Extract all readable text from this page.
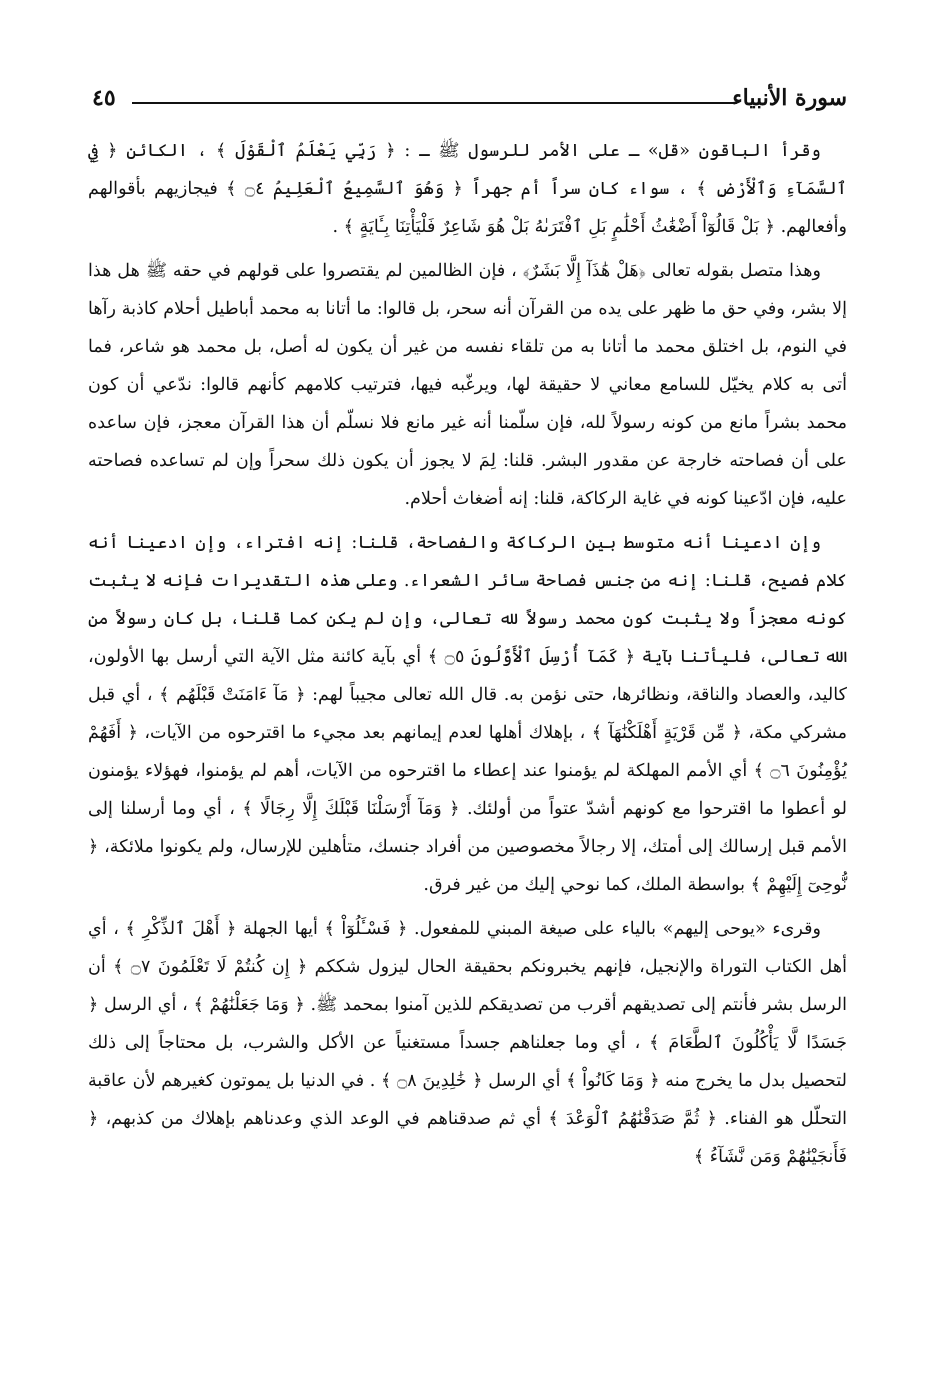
سورة الأنبياء
٤٥

وقرأ الباقون «قل» ـ على الأمر للرسول ﷺ ـ : ﴿ رَبِّي يَعْلَمُ ٱلْقَوْلَ ﴾ ، الكائن ﴿ فِي ٱلسَّمَآءِ وَٱلْأَرْضِ ﴾ ، سواء كان سراً أم جهراً ﴿ وَهُوَ ٱلسَّمِيعُ ٱلْعَلِيمُ ۝٤ ﴾ فيجازيهم بأقوالهم وأفعالهم. ﴿ بَلْ قَالُوٓاْ أَضْغَٰثُ أَحْلَٰمٍ بَلِ ٱفْتَرَىٰهُ بَلْ هُوَ شَاعِرٌ فَلْيَأْتِنَا بِـَٔايَةٍ ﴾ .

وهذا متصل بقوله تعالى ﴿هَلْ هَٰذَآ إِلَّا بَشَرٌ﴾ ، فإن الظالمين لم يقتصروا على قولهم في حقه ﷺ هل هذا إلا بشر، وفي حق ما ظهر على يده من القرآن أنه سحر، بل قالوا: ما أتانا به محمد أباطيل أحلام كاذبة رآها في النوم، بل اختلق محمد ما أتانا به من تلقاء نفسه من غير أن يكون له أصل، بل محمد هو شاعر، فما أتى به كلام يخيّل للسامع معاني لا حقيقة لها، ويرغّبه فيها، فترتيب كلامهم كأنهم قالوا: ندّعي أن كون محمد بشراً مانع من كونه رسولاً لله، فإن سلّمنا أنه غير مانع فلا نسلّم أن هذا القرآن معجز، فإن ساعده على أن فصاحته خارجة عن مقدور البشر. قلنا: لِمَ لا يجوز أن يكون ذلك سحراً وإن لم تساعده فصاحته عليه، فإن ادّعينا كونه في غاية الركاكة، قلنا: إنه أضغاث أحلام.

وإن ادعينا أنه متوسط بين الركاكة والفصاحة، قلنا: إنه افتراء، وإن ادعينا أنه كلام فصيح، قلنا: إنه من جنس فصاحة سائر الشعراء. وعلى هذه التقديرات فإنه لا يثبت كونه معجزاً ولا يثبت كون محمد رسولاً لله تعالى، وإن لم يكن كما قلنا، بل كان رسولاً من الله تعالى، فليأتنا بآية ﴿ كَمَآ أُرْسِلَ ٱلْأَوَّلُونَ ۝٥ ﴾ أي بآية كائنة مثل الآية التي أرسل بها الأولون، كاليد، والعصاد والناقة، ونظائرها، حتى نؤمن به. قال الله تعالى مجيباً لهم: ﴿ مَآ ءَامَنَتْ قَبْلَهُم ﴾ ، أي قبل مشركي مكة، ﴿ مِّن قَرْيَةٍ أَهْلَكْنَٰهَآ ﴾ ، بإهلاك أهلها لعدم إيمانهم بعد مجيء ما اقترحوه من الآيات، ﴿ أَفَهُمْ يُؤْمِنُونَ ۝٦ ﴾ أي الأمم المهلكة لم يؤمنوا عند إعطاء ما اقترحوه من الآيات، أهم لم يؤمنوا، فهؤلاء يؤمنون لو أعطوا ما اقترحوا مع كونهم أشدّ عتواً من أولئك. ﴿ وَمَآ أَرْسَلْنَا قَبْلَكَ إِلَّا رِجَالًا ﴾ ، أي وما أرسلنا إلى الأمم قبل إرسالك إلى أمتك، إلا رجالاً مخصوصين من أفراد جنسك، متأهلين للإرسال، ولم يكونوا ملائكة، ﴿ نُّوحِىٓ إِلَيْهِمْ ﴾ بواسطة الملك، كما نوحي إليك من غير فرق.

وقرىء «يوحى إليهم» بالياء على صيغة المبني للمفعول. ﴿ فَسْـَٔلُوٓاْ ﴾ أيها الجهلة ﴿ أَهْلَ ٱلذِّكْرِ ﴾ ، أي أهل الكتاب التوراة والإنجيل، فإنهم يخبرونكم بحقيقة الحال ليزول شككم ﴿ إِن كُنتُمْ لَا تَعْلَمُونَ ۝٧ ﴾ أن الرسل بشر فأنتم إلى تصديقهم أقرب من تصديقكم للذين آمنوا بمحمد ﷺ. ﴿ وَمَا جَعَلْنَٰهُمْ ﴾ ، أي الرسل ﴿ جَسَدًا لَّا يَأْكُلُونَ ٱلطَّعَامَ ﴾ ، أي وما جعلناهم جسداً مستغنياً عن الأكل والشرب، بل محتاجاً إلى ذلك لتحصيل بدل ما يخرج منه ﴿ وَمَا كَانُواْ ﴾ أي الرسل ﴿ خَٰلِدِينَ ۝٨ ﴾ . في الدنيا بل يموتون كغيرهم لأن عاقبة التحلّل هو الفناء. ﴿ ثُمَّ صَدَقْنَٰهُمُ ٱلْوَعْدَ ﴾ أي ثم صدقناهم في الوعد الذي وعدناهم بإهلاك من كذبهم، ﴿ فَأَنجَيْنَٰهُمْ وَمَن نَّشَآءُ ﴾
